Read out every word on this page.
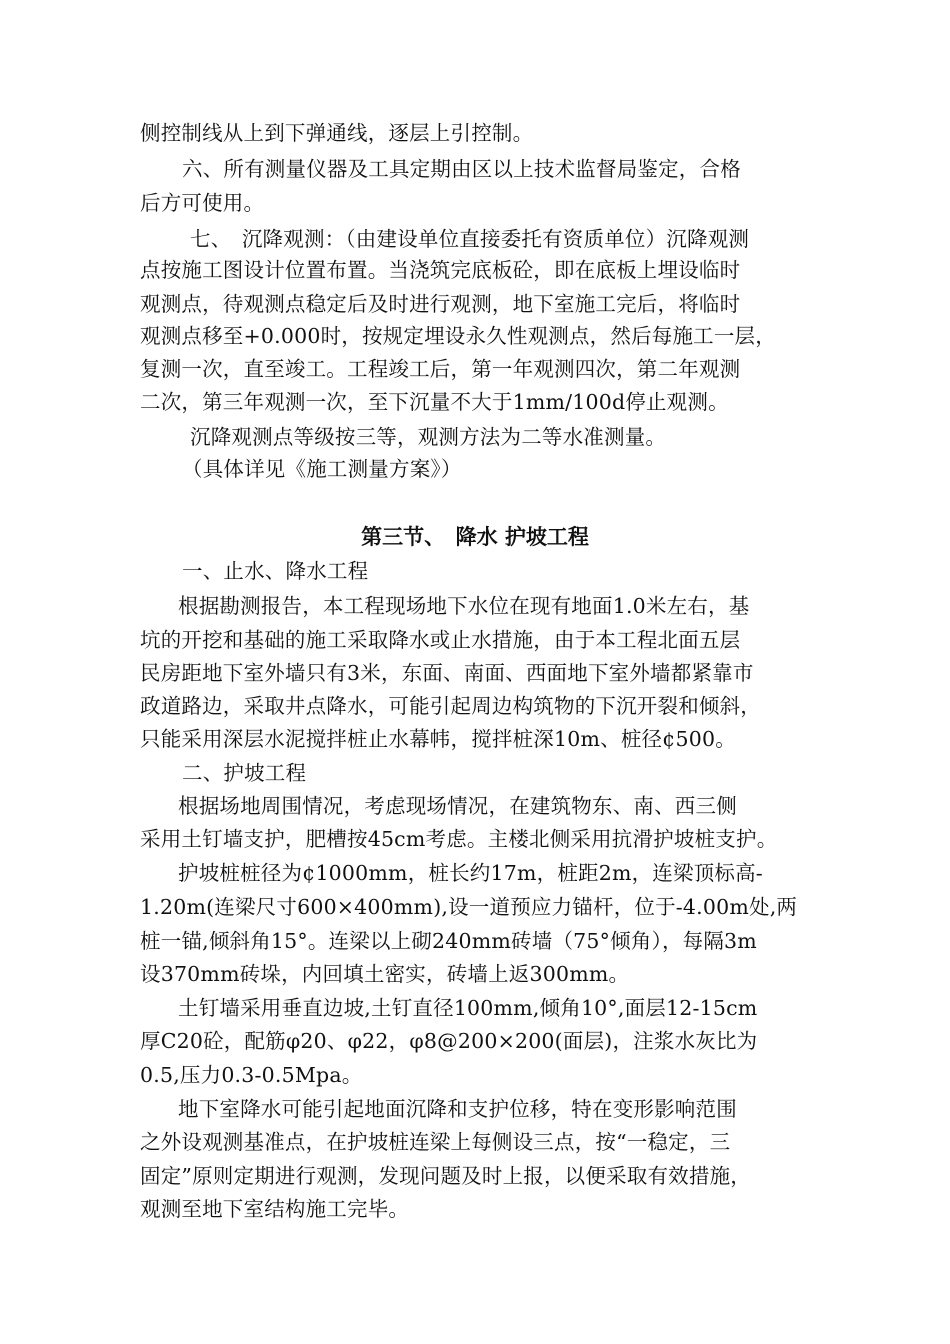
侧控制线从上到下弹通线，逐层上引控制。
六、所有测量仪器及工具定期由区以上技术监督局鉴定，合格
后方可使用。
七、　沉降观测：（由建设单位直接委托有资质单位）沉降观测
点按施工图设计位置布置。当浇筑完底板砼，即在底板上埋设临时
观测点，待观测点稳定后及时进行观测，地下室施工完后，将临时
观测点移至+0.000时，按规定埋设永久性观测点，然后每施工一层，
复测一次，直至竣工。工程竣工后，第一年观测四次，第二年观测
二次，第三年观测一次，至下沉量不大于1mm/100d停止观测。
沉降观测点等级按三等，观测方法为二等水准测量。
（具体详见《施工测量方案》）
第三节、　降水 护坡工程
一、止水、降水工程
根据勘测报告，本工程现场地下水位在现有地面1.0米左右，基
坑的开挖和基础的施工采取降水或止水措施，由于本工程北面五层
民房距地下室外墙只有3米，东面、南面、西面地下室外墙都紧靠市
政道路边，采取井点降水，可能引起周边构筑物的下沉开裂和倾斜，
只能采用深层水泥搅拌桩止水幕帏，搅拌桩深10m、桩径¢500。
二、护坡工程
根据场地周围情况，考虑现场情况，在建筑物东、南、西三侧
采用土钉墙支护，肥槽按45cm考虑。主楼北侧采用抗滑护坡桩支护。
护坡桩桩径为¢1000mm，桩长约17m，桩距2m，连梁顶标高-
1.20m(连梁尺寸600×400mm),设一道预应力锚杆，位于-4.00m处,两
桩一锚,倾斜角15°。连梁以上砌240mm砖墙（75°倾角），每隔3m
设370mm砖垛，内回填土密实，砖墙上返300mm。
土钉墙采用垂直边坡,土钉直径100mm,倾角10°,面层12-15cm
厚C20砼，配筋φ20、φ22，φ8@200×200(面层)，注浆水灰比为
0.5,压力0.3-0.5Mpa。
地下室降水可能引起地面沉降和支护位移，特在变形影响范围
之外设观测基准点，在护坡桩连梁上每侧设三点，按“一稳定，三
固定”原则定期进行观测，发现问题及时上报，以便采取有效措施，
观测至地下室结构施工完毕。
